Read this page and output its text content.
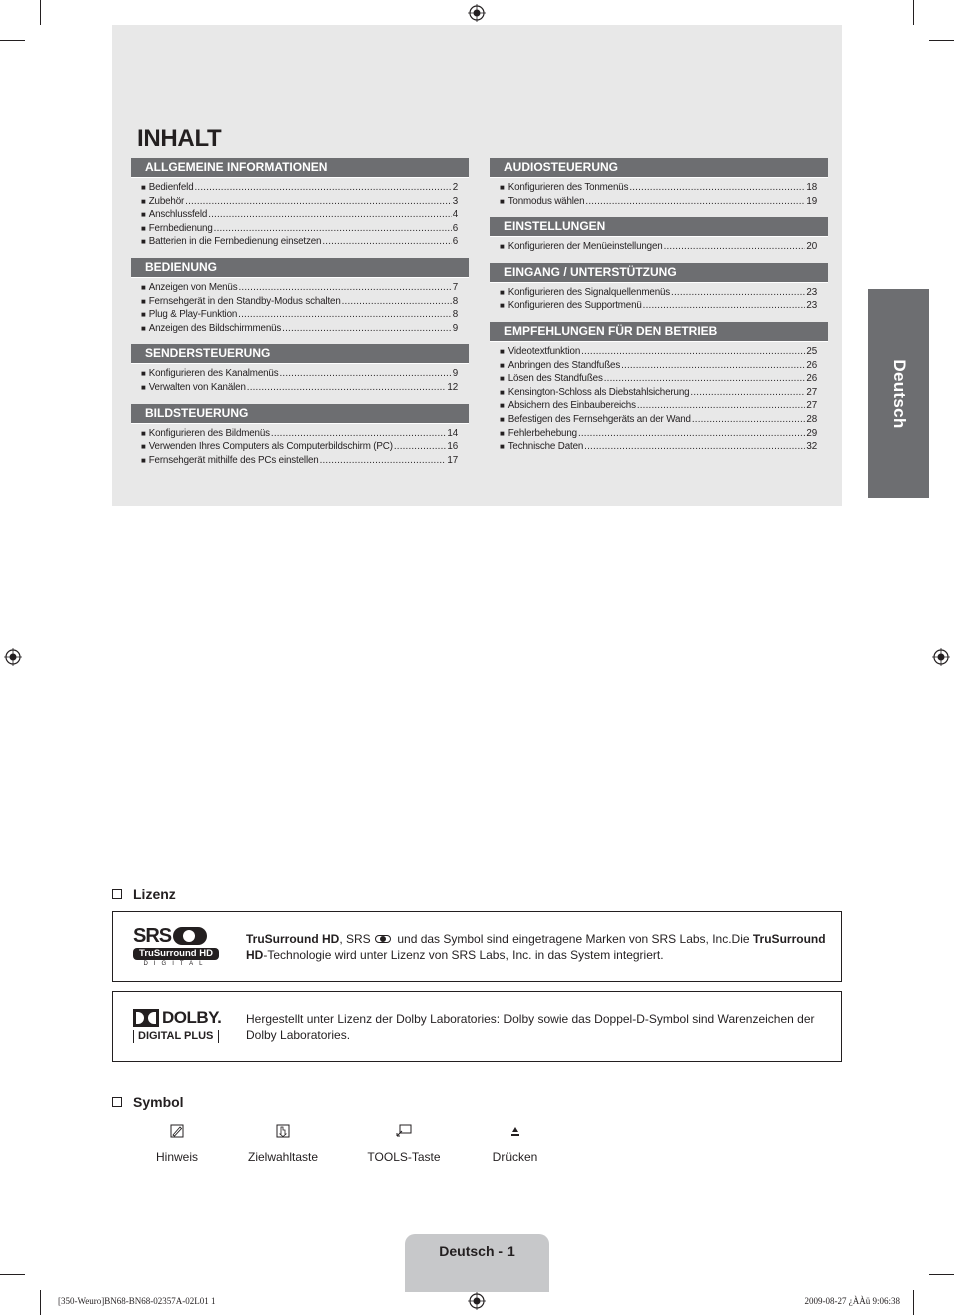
INHALT
ALLGEMEINE INFORMATIONEN
■ Bedienfeld .....	2
■ Zubehör .....	3
■ Anschlussfeld .....	4
■ Fernbedienung .....	6
■ Batterien in die Fernbedienung einsetzen .....	6
BEDIENUNG
■ Anzeigen von Menüs .....	7
■ Fernsehgerät in den Standby-Modus schalten .....	8
■ Plug & Play-Funktion .....	8
■ Anzeigen des Bildschirmmenüs .....	9
SENDERSTEUERUNG
■ Konfigurieren des Kanalmenüs .....	9
■ Verwalten von Kanälen .....	12
BILDSTEUERUNG
■ Konfigurieren des Bildmenüs .....	14
■ Verwenden Ihres Computers als Computerbildschirm (PC) .....	16
■ Fernsehgerät mithilfe des PCs einstellen .....	17
AUDIOSTEUERUNG
■ Konfigurieren des Tonmenüs .....	18
■ Tonmodus wählen .....	19
EINSTELLUNGEN
■ Konfigurieren der Menüeinstellungen .....	20
EINGANG / UNTERSTÜTZUNG
■ Konfigurieren des Signalquellenmenüs .....	23
■ Konfigurieren des Supportmenü .....	23
EMPFEHLUNGEN FÜR DEN BETRIEB
■ Videotextfunktion .....	25
■ Anbringen des Standfußes .....	26
■ Lösen des Standfußes .....	26
■ Kensington-Schloss als Diebstahlsicherung .....	27
■ Absichern des Einbaubereichs .....	27
■ Befestigen des Fernsehgeräts an der Wand .....	28
■ Fehlerbehebung .....	29
■ Technische Daten .....	32
Deutsch
Lizenz
SRS
TruSurround HD
DIGITAL
TruSurround HD, SRS
und das Symbol sind eingetragene Marken von SRS Labs, Inc.Die TruSurround HD-Technologie wird unter Lizenz von SRS Labs, Inc. in das System integriert.
DOLBY.
DIGITAL PLUS
Hergestellt unter Lizenz der Dolby Laboratories: Dolby sowie das Doppel-D-Symbol sind Warenzeichen der Dolby Laboratories.
Symbol
Hinweis	Zielwahltaste	TOOLS-Taste	Drücken
Deutsch - 1
[350-Weuro]BN68-BN68-02357A-02L01 1	2009-08-27 ¿ÀÀü 9:06:38
